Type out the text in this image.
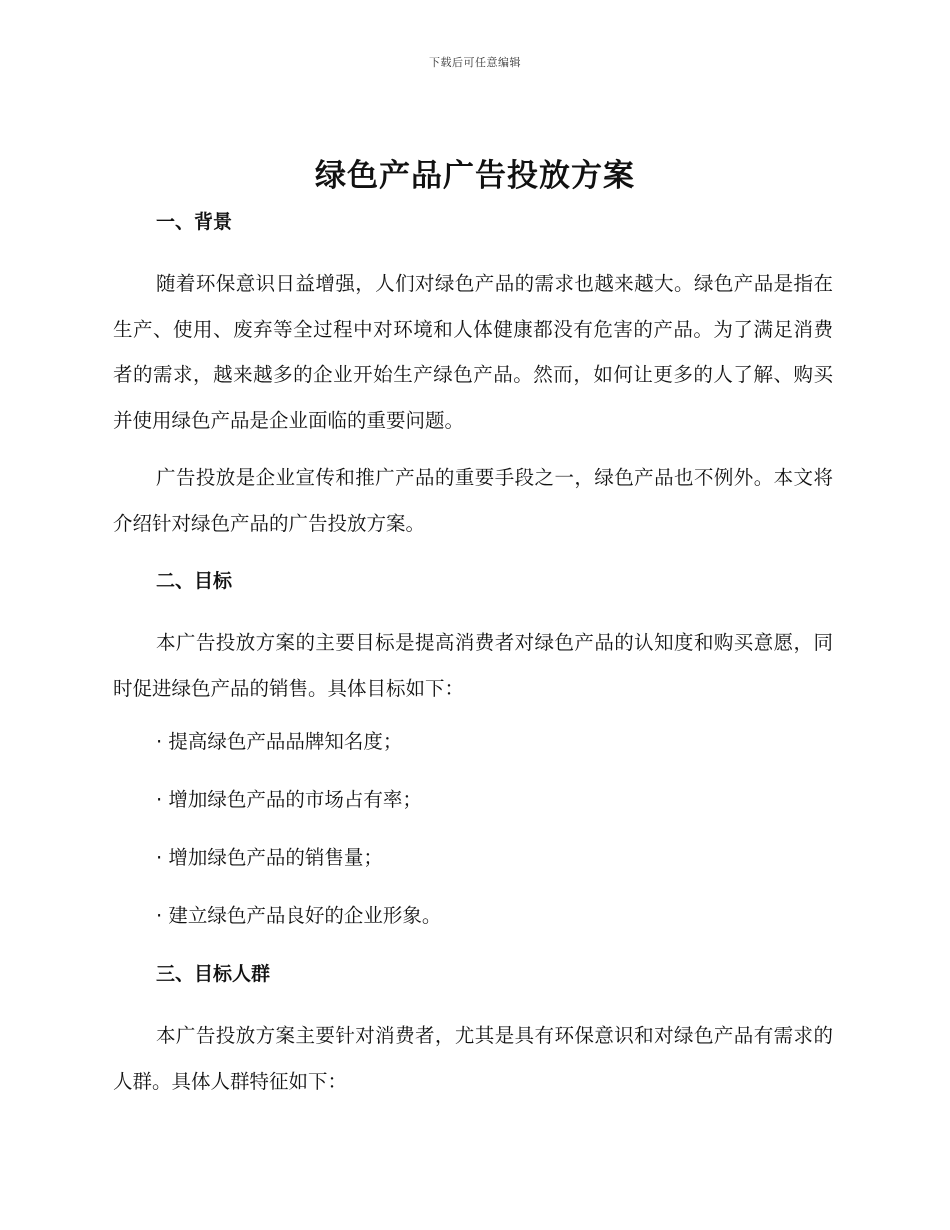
下载后可任意编辑
绿色产品广告投放方案
一、背景

随着环保意识日益增强，人们对绿色产品的需求也越来越大。绿色产品是指在生产、使用、废弃等全过程中对环境和人体健康都没有危害的产品。为了满足消费者的需求，越来越多的企业开始生产绿色产品。然而，如何让更多的人了解、购买并使用绿色产品是企业面临的重要问题。

广告投放是企业宣传和推广产品的重要手段之一，绿色产品也不例外。本文将介绍针对绿色产品的广告投放方案。

二、目标

本广告投放方案的主要目标是提高消费者对绿色产品的认知度和购买意愿，同时促进绿色产品的销售。具体目标如下：

· 提高绿色产品品牌知名度；
· 增加绿色产品的市场占有率；
· 增加绿色产品的销售量；
· 建立绿色产品良好的企业形象。
三、目标人群

本广告投放方案主要针对消费者，尤其是具有环保意识和对绿色产品有需求的人群。具体人群特征如下：
